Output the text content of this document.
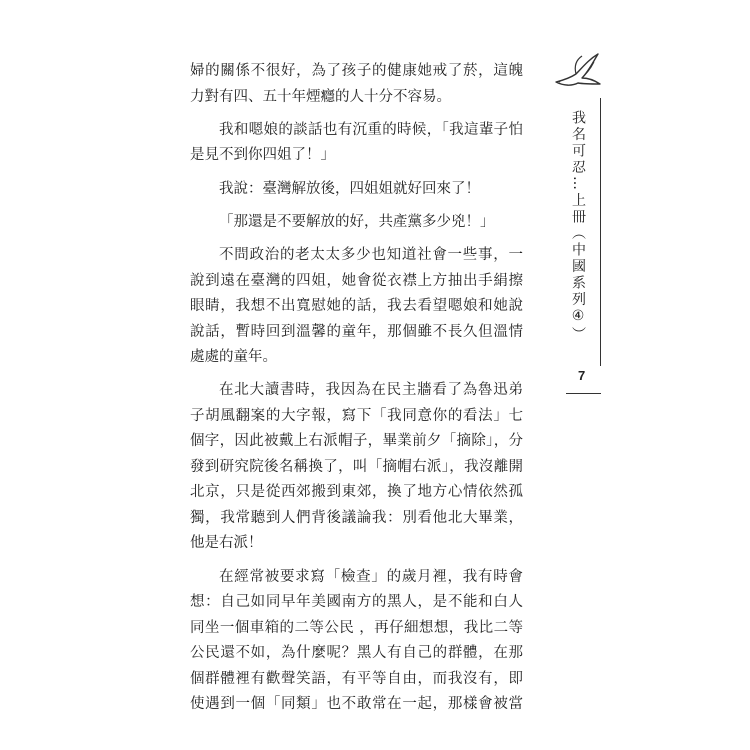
婦的關係不很好，為了孩子的健康她戒了菸，這魄
力對有四、五十年煙癮的人十分不容易。
我和嗯娘的談話也有沉重的時候，「我這輩子怕
是見不到你四姐了！」
我說：臺灣解放後，四姐姐就好回來了！
「那還是不要解放的好，共產黨多少兇！」
不問政治的老太太多少也知道社會一些事，一
說到遠在臺灣的四姐，她會從衣襟上方抽出手絹擦
眼睛，我想不出寬慰她的話，我去看望嗯娘和她說
說話，暫時回到溫馨的童年，那個雖不長久但溫情
處處的童年。
在北大讀書時，我因為在民主牆看了為魯迅弟
子胡風翻案的大字報，寫下「我同意你的看法」七
個字，因此被戴上右派帽子，畢業前夕「摘除」，分
發到研究院後名稱換了，叫「摘帽右派」，我沒離開
北京，只是從西郊搬到東郊，換了地方心情依然孤
獨，我常聽到人們背後議論我：別看他北大畢業，
他是右派！
在經常被要求寫「檢查」的歲月裡，我有時會
想：自己如同早年美國南方的黑人，是不能和白人
同坐一個車箱的二等公民 ，再仔細想想，我比二等
公民還不如，為什麼呢？黑人有自己的群體，在那
個群體裡有歡聲笑語，有平等自由，而我沒有，即
使遇到一個「同類」也不敢常在一起，那樣會被當
我名可忍…上冊（中國系列④）
7
